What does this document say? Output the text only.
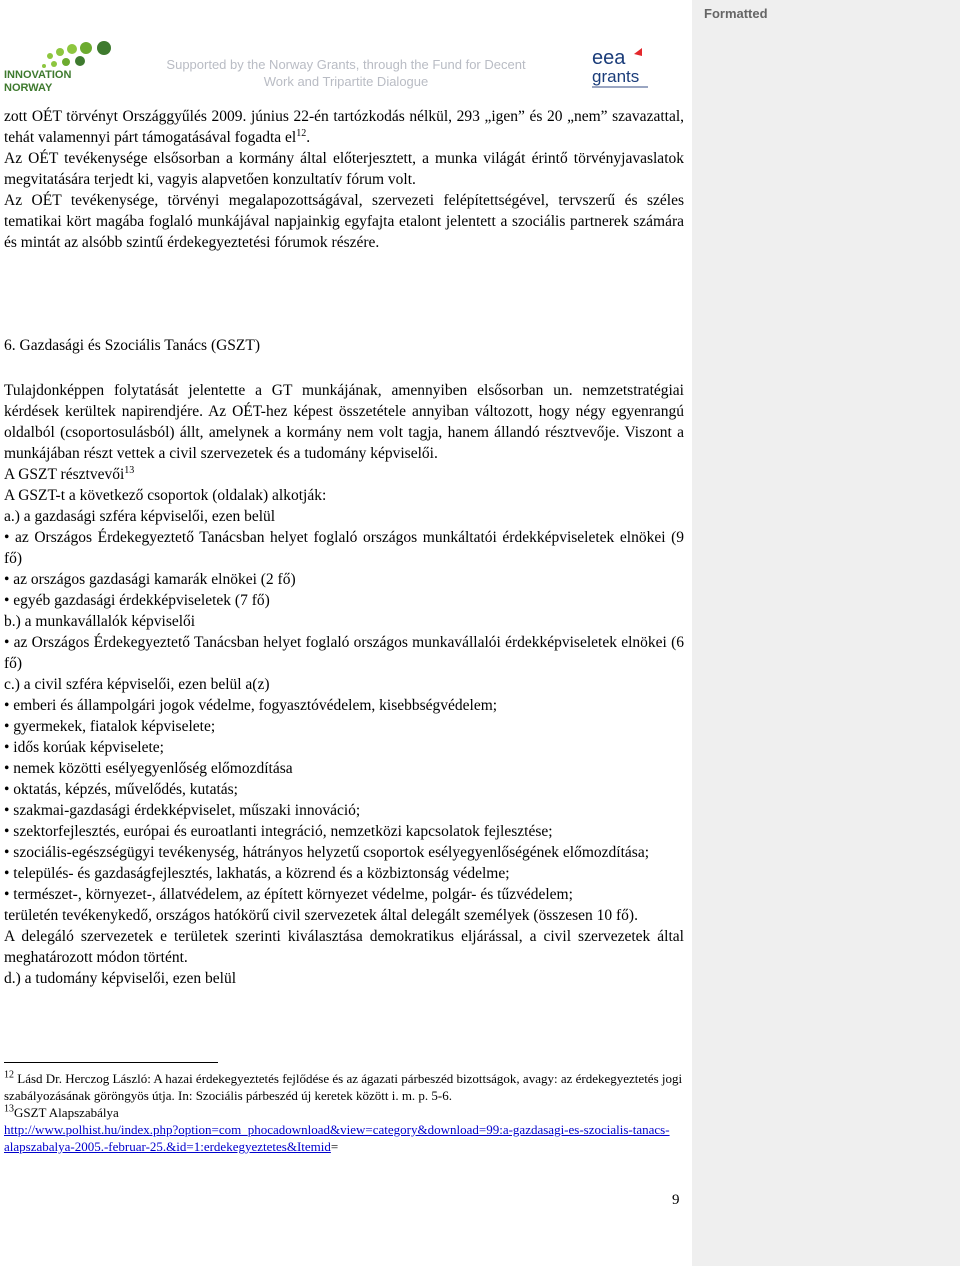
Formatted
INNOVATION
NORWAY
Supported by the Norway Grants, through the Fund for Decent Work and Tripartite Dialogue
eea
grants

zott OÉT törvényt Országgyűlés 2009. június 22-én tartózkodás nélkül, 293 „igen” és 20 „nem” szavazattal, tehát valamennyi párt támogatásával fogadta $el^{12}$.

Az OÉT tevékenysége elsősorban a kormány által előterjesztett, a munka világát érintő törvényjavaslatok megvitatására terjedt ki, vagyis alapvetően konzultatív fórum volt.

Az OÉT tevékenysége, törvényi megalapozottságával, szervezeti felépítettségével, tervszerű és széles tematikai kört magába foglaló munkájával napjainkig egyfajta etalont jelentett a szociális partnerek számára és mintát az alsóbb szintű érdekegyeztetési fórumok részére.

6. Gazdasági és Szociális Tanács (GSZT)

Tulajdonképpen folytatását jelentette a GT munkájának, amennyiben elsősorban un. nemzetstratégiai kérdések kerültek napirendjére. Az OÉT-hez képest összetétele annyiban változott, hogy négy egyenrangú oldalból (csoportosulásból) állt, amelynek a kormány nem volt tagja, hanem állandó résztvevője. Viszont a munkájában részt vettek a civil szervezetek és a tudomány képviselői.

A GSZT résztvevői$^{13}$

A GSZT-t a következő csoportok (oldalak) alkotják:

a.) a gazdasági szféra képviselői, ezen belül

• az Országos Érdekegyeztető Tanácsban helyet foglaló országos munkáltatói érdekképviseletek elnökei (9 fő)

• az országos gazdasági kamarák elnökei (2 fő)

• egyéb gazdasági érdekképviseletek (7 fő)

b.) a munkavállalók képviselői

• az Országos Érdekegyeztető Tanácsban helyet foglaló országos munkavállalói érdekképviseletek elnökei (6 fő)

c.) a civil szféra képviselői, ezen belül a(z)

• emberi és állampolgári jogok védelme, fogyasztóvédelem, kisebbségvédelem;

• gyermekek, fiatalok képviselete;

• idős korúak képviselete;

• nemek közötti esélyegyenlőség előmozdítása

• oktatás, képzés, művelődés, kutatás;

• szakmai-gazdasági érdekképviselet, műszaki innováció;

• szektorfejlesztés, európai és euroatlanti integráció, nemzetközi kapcsolatok fejlesztése;

• szociális-egészségügyi tevékenység, hátrányos helyzetű csoportok esélyegyenlőségének előmozdítása;

• település- és gazdaságfejlesztés, lakhatás, a közrend és a közbiztonság védelme;

• természet-, környezet-, állatvédelem, az épített környezet védelme, polgár- és tűzvédelem;

területén tevékenykedő, országos hatókörű civil szervezetek által delegált személyek (összesen 10 fő).

A delegáló szervezetek e területek szerinti kiválasztása demokratikus eljárással, a civil szervezetek által meghatározott módon történt.

d.) a tudomány képviselői, ezen belül

$^{12}$ Lásd Dr. Herczog László: A hazai érdekegyeztetés fejlődése és az ágazati párbeszéd bizottságok, avagy: az érdekegyeztetés jogi szabályozásának göröngyös útja. In: Szociális párbeszéd új keretek között i. m. p. 5-6.

$^{13}$GSZT Alapszabálya

http://www.polhist.hu/index.php?option=com_phocadownload&view=category&download=99:a-gazdasagi-es-szocialis-tanacs-alapszabalya-2005.-februar-25.&id=1:erdekegyeztetes&Itemid=

9
